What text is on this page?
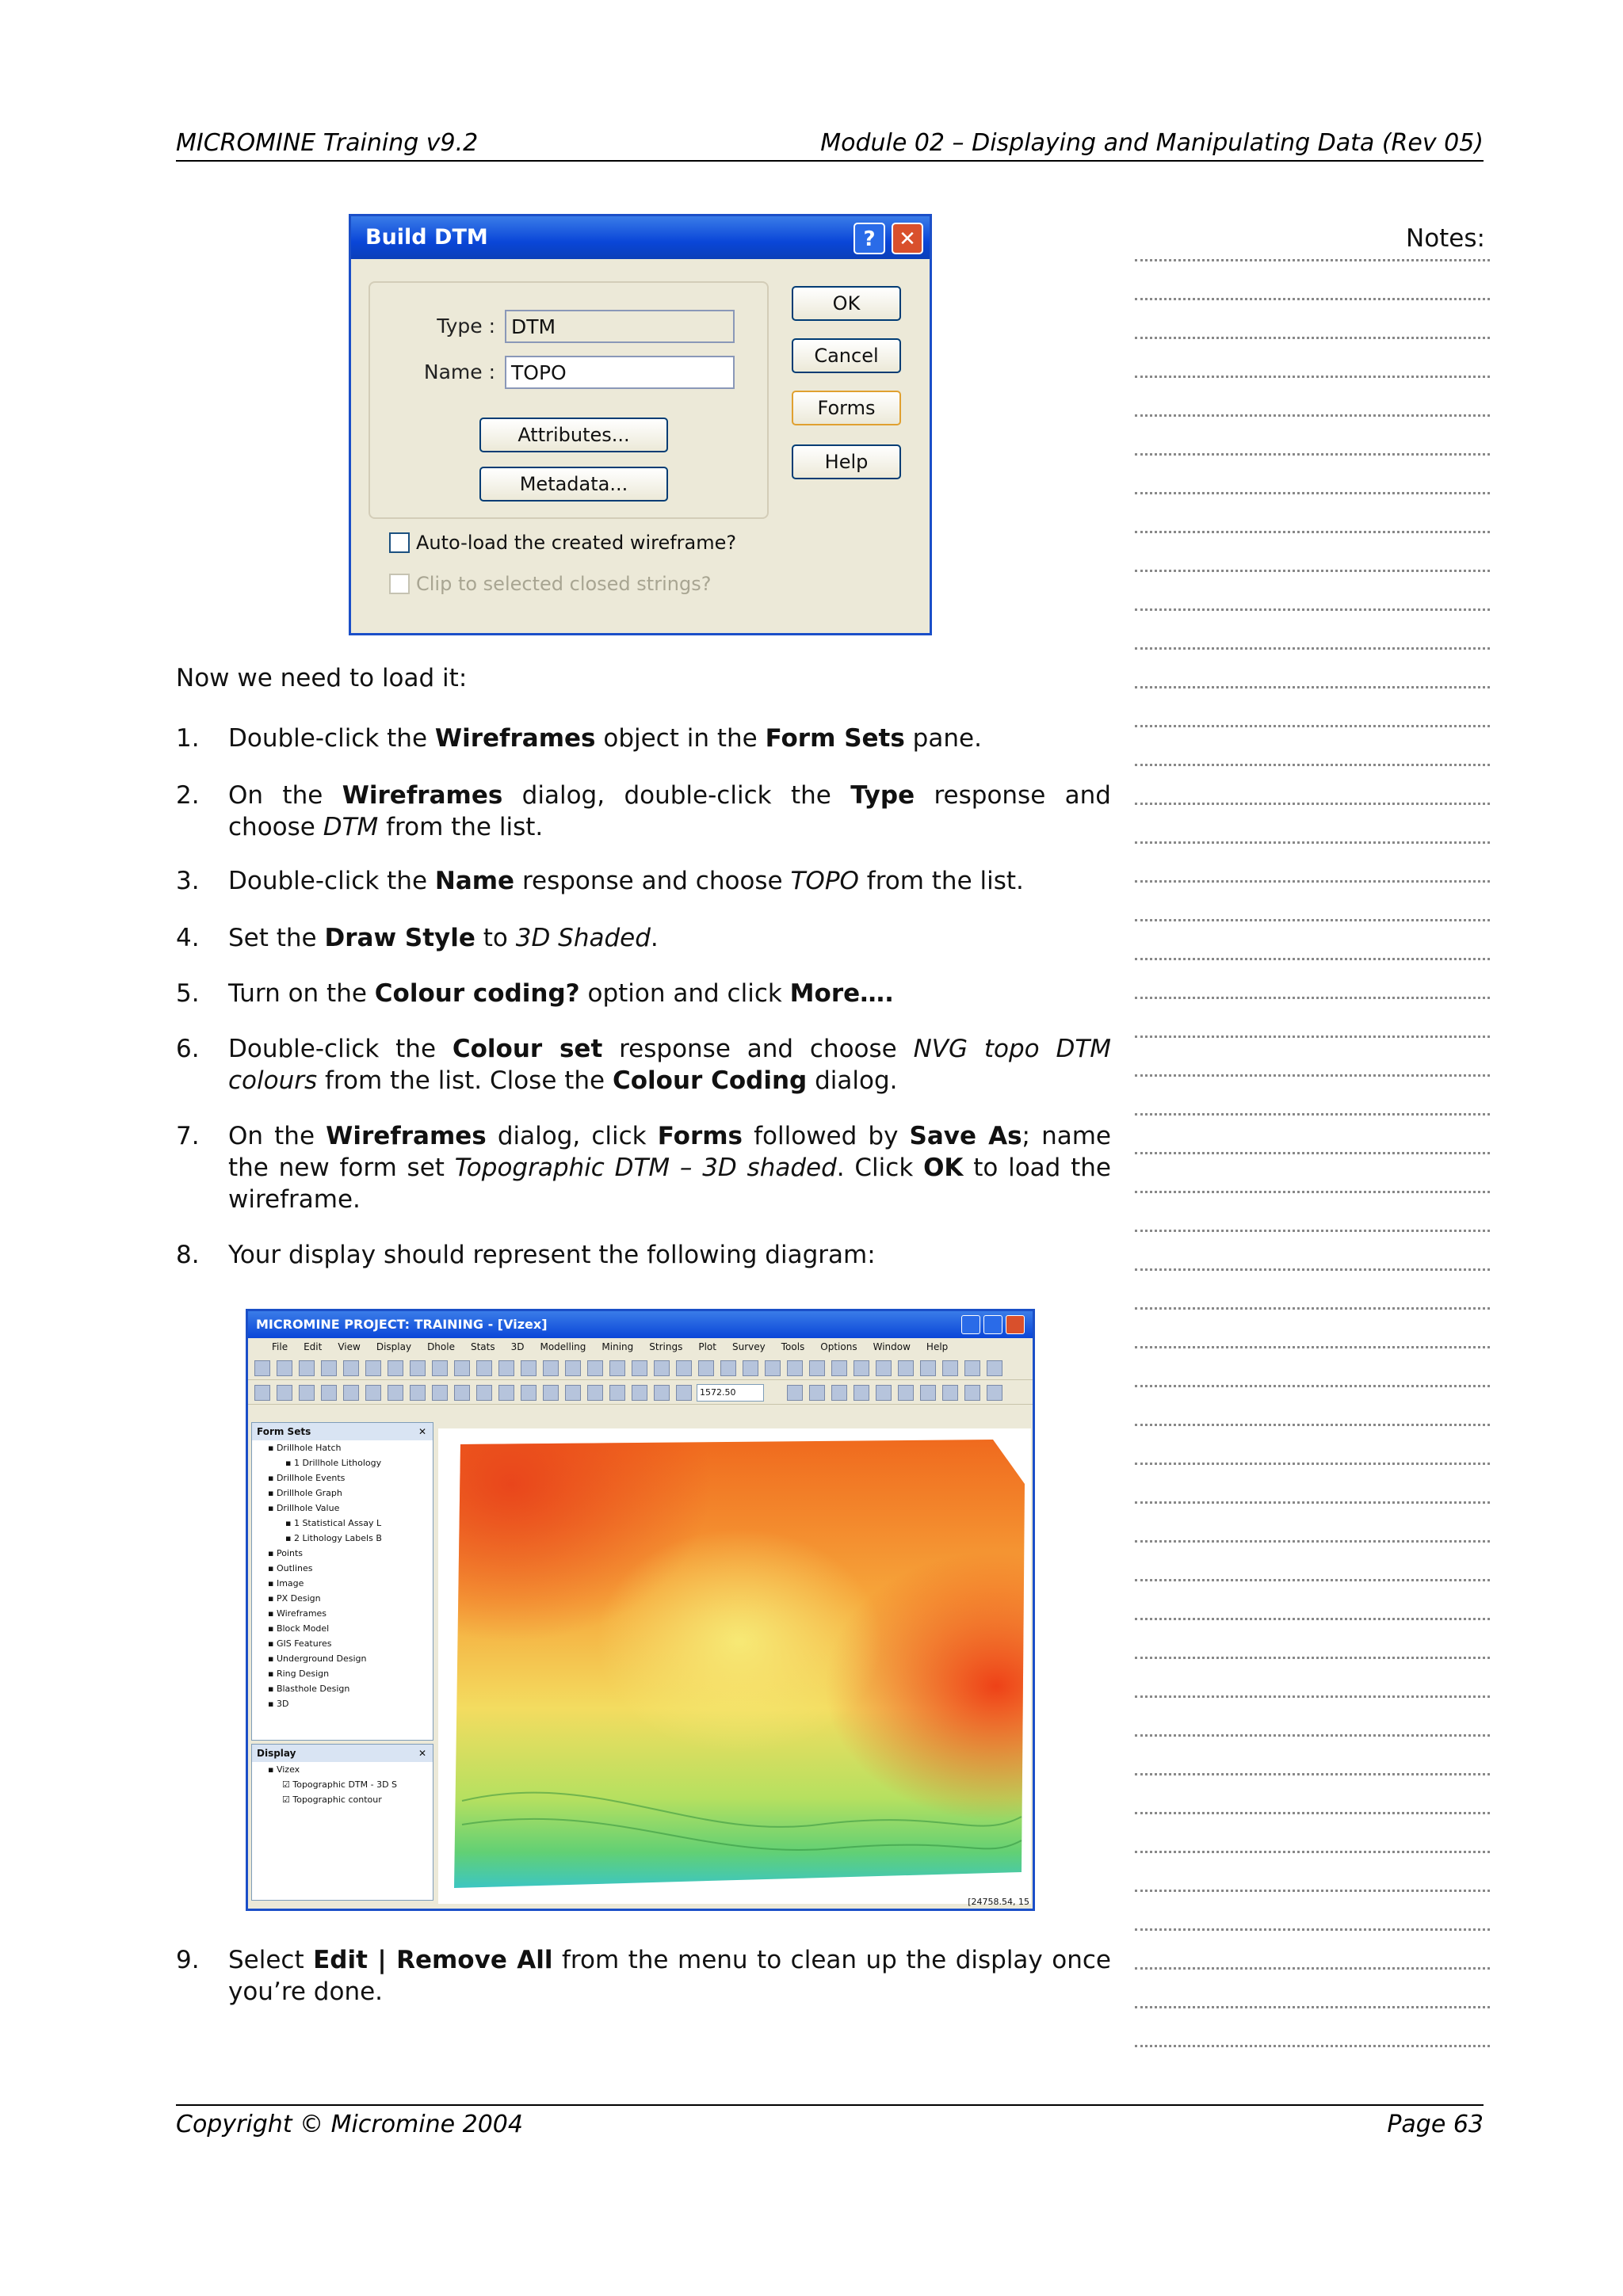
MICROMINE Training v9.2	Module 02 – Displaying and Manipulating Data (Rev 05)
Build DTM	?	✕
Type : DTM
Name : TOPO
Attributes...
Metadata...
OK
Cancel
Forms
Help
Auto-load the created wireframe?
Clip to selected closed strings?
Notes:
Now we need to load it:
1.	Double-click the Wireframes object in the Form Sets pane.
2.	On the Wireframes dialog, double-click the Type response and choose DTM from the list.
3.	Double-click the Name response and choose TOPO from the list.
4.	Set the Draw Style to 3D Shaded.
5.	Turn on the Colour coding? option and click More….
6.	Double-click the Colour set response and choose NVG topo DTM colours from the list. Close the Colour Coding dialog.
7.	On the Wireframes dialog, click Forms followed by Save As; name the new form set Topographic DTM – 3D shaded. Click OK to load the wireframe.
8.	Your display should represent the following diagram:
9.	Select Edit | Remove All from the menu to clean up the display once you’re done.
MICROMINE PROJECT: TRAINING - [Vizex]
File Edit View Display Dhole Stats 3D Modelling Mining Strings Plot Survey Tools Options Window Help
1572.50
Form Sets	✕
▪ Drillhole Hatch
▪ 1 Drillhole Lithology
▪ Drillhole Events
▪ Drillhole Graph
▪ Drillhole Value
▪ 1 Statistical Assay L
▪ 2 Lithology Labels B
▪ Points
▪ Outlines
▪ Image
▪ PX Design
▪ Wireframes
▪ Block Model
▪ GIS Features
▪ Underground Design
▪ Ring Design
▪ Blasthole Design
▪ 3D
Display	✕
▪ Vizex
☑ Topographic DTM - 3D S
☑ Topographic contour
[24758.54, 15
Copyright © Micromine 2004	Page 63
